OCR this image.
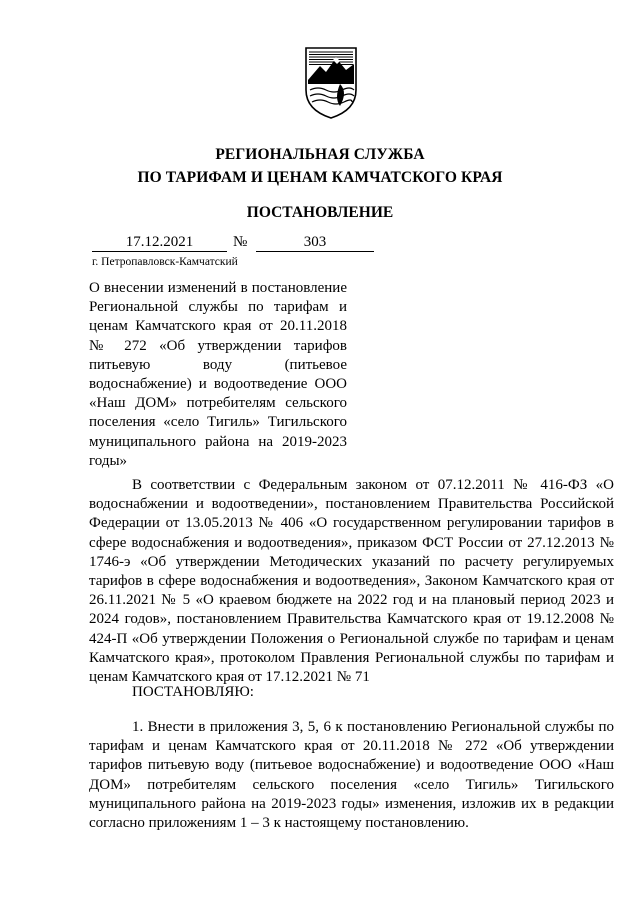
РЕГИОНАЛЬНАЯ СЛУЖБА
ПО ТАРИФАМ И ЦЕНАМ КАМЧАТСКОГО КРАЯ
ПОСТАНОВЛЕНИЕ
17.12.2021	№	303
г. Петропавловск-Камчатский
О внесении изменений в постановление Региональной службы по тарифам и ценам Камчатского края от 20.11.2018 № 272 «Об утверждении тарифов питьевую воду (питьевое водоснабжение) и водоотведение ООО «Наш ДОМ» потребителям сельского поселения «село Тигиль» Тигильского муниципального района на 2019-2023 годы»

В соответствии с Федеральным законом от 07.12.2011 № 416-ФЗ «О водоснабжении и водоотведении», постановлением Правительства Российской Федерации от 13.05.2013 № 406 «О государственном регулировании тарифов в сфере водоснабжения и водоотведения», приказом ФСТ России от 27.12.2013 № 1746-э «Об утверждении Методических указаний по расчету регулируемых тарифов в сфере водоснабжения и водоотведения», Законом Камчатского края от 26.11.2021 № 5 «О краевом бюджете на 2022 год и на плановый период 2023 и 2024 годов», постановлением Правительства Камчатского края от 19.12.2008 № 424-П «Об утверждении Положения о Региональной службе по тарифам и ценам Камчатского края», протоколом Правления Региональной службы по тарифам и ценам Камчатского края от 17.12.2021 № 71

ПОСТАНОВЛЯЮ:

1. Внести в приложения 3, 5, 6 к постановлению Региональной службы по тарифам и ценам Камчатского края от 20.11.2018 № 272 «Об утверждении тарифов питьевую воду (питьевое водоснабжение) и водоотведение ООО «Наш ДОМ» потребителям сельского поселения «село Тигиль» Тигильского муниципального района на 2019-2023 годы» изменения, изложив их в редакции согласно приложениям 1 – 3 к настоящему постановлению.
